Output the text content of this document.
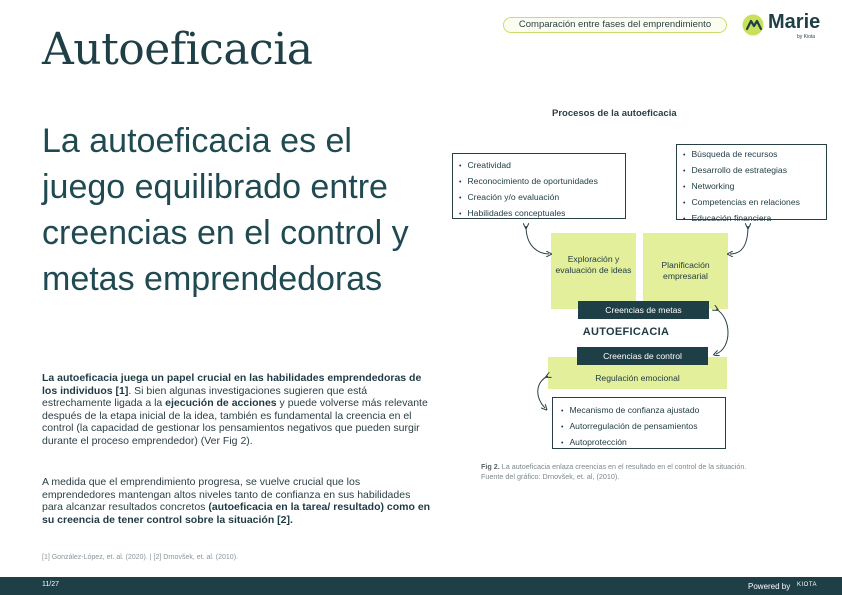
Autoeficacia	Comparación entre fases del emprendimiento	Marie
by Kiota
La autoeficacia es el juego equilibrado entre creencias en el control y metas emprendedoras
La autoeficacia juega un papel crucial en las habilidades emprendedoras de los individuos [1]. Si bien algunas investigaciones sugieren que está estrechamente ligada a la ejecución de acciones y puede volverse más relevante después de la etapa inicial de la idea, también es fundamental la creencia en el control (la capacidad de gestionar los pensamientos negativos que pueden surgir durante el proceso emprendedor) (Ver Fig 2).
A medida que el emprendimiento progresa, se vuelve crucial que los emprendedores mantengan altos niveles tanto de confianza en sus habilidades para alcanzar resultados concretos (autoeficacia en la tarea/ resultado) como en su creencia de tener control sobre la situación [2].
[1] González-López, et. al. (2020). | [2] Drnovšek, et. al. (2010).
Procesos de la autoeficacia
• Creatividad
• Reconocimiento de oportunidades
• Creación y/o evaluación
• Habilidades conceptuales
• Búsqueda de recursos
• Desarrollo de estrategias
• Networking
• Competencias en relaciones
• Educación financiera
Exploración y evaluación de ideas	Planificación empresarial
Creencias de metas
AUTOEFICACIA
Regulación emocional
Creencias de control
• Mecanismo de confianza ajustado
• Autorregulación de pensamientos
• Autoprotección
Fig 2. La autoeficacia enlaza creencias en el resultado en el control de la situación.
Fuente del gráfico: Drnovšek, et. al, (2010).
11/27	Powered by KIOTA
